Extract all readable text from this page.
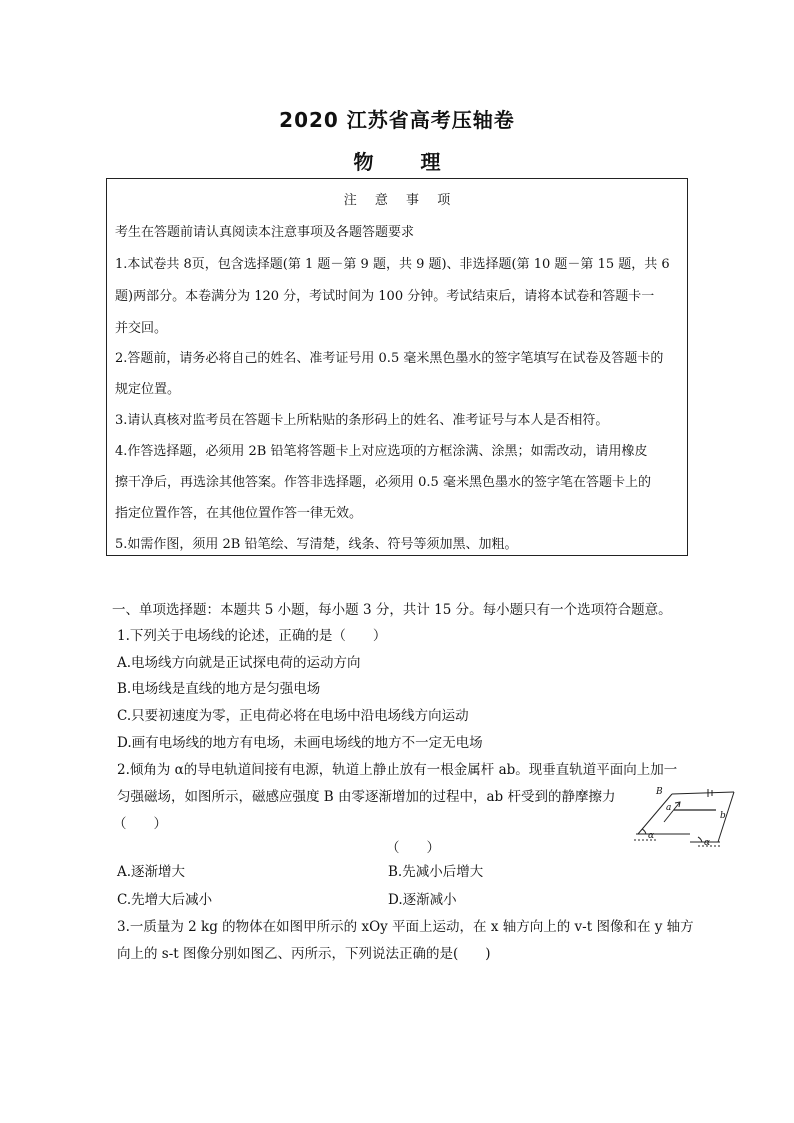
2020 江苏省高考压轴卷
物 理
注 意 事 项
考生在答题前请认真阅读本注意事项及各题答题要求
1.本试卷共 8页，包含选择题(第 1 题－第 9 题，共 9 题)、非选择题(第 10 题－第 15 题，共 6
题)两部分。本卷满分为 120 分，考试时间为 100 分钟。考试结束后，请将本试卷和答题卡一
并交回。
2.答题前，请务必将自己的姓名、准考证号用 0.5 毫米黑色墨水的签字笔填写在试卷及答题卡的
规定位置。
3.请认真核对监考员在答题卡上所粘贴的条形码上的姓名、准考证号与本人是否相符。
4.作答选择题，必须用 2B 铅笔将答题卡上对应选项的方框涂满、涂黑；如需改动，请用橡皮
擦干净后，再选涂其他答案。作答非选择题，必须用 0.5 毫米黑色墨水的签字笔在答题卡上的
指定位置作答，在其他位置作答一律无效。
5.如需作图，须用 2B 铅笔绘、写清楚，线条、符号等须加黑、加粗。
一、单项选择题：本题共 5 小题，每小题 3 分，共计 15 分。每小题只有一个选项符合题意。
1.下列关于电场线的论述，正确的是（　　）
A.电场线方向就是正试探电荷的运动方向
B.电场线是直线的地方是匀强电场
C.只要初速度为零，正电荷必将在电场中沿电场线方向运动
D.画有电场线的地方有电场，未画电场线的地方不一定无电场
2.倾角为 α的导电轨道间接有电源，轨道上静止放有一根金属杆 ab。现垂直轨道平面向上加一
匀强磁场，如图所示，磁感应强度 B 由零逐渐增加的过程中，ab 杆受到的静摩擦力
（　　）
（　　）
A.逐渐增大	B.先减小后增大
C.先增大后减小	D.逐渐减小
3.一质量为 2 kg 的物体在如图甲所示的 xOy 平面上运动，在 x 轴方向上的 v-t 图像和在 y 轴方
向上的 s-t 图像分别如图乙、丙所示，下列说法正确的是(　　)
B
a
b
α
α
